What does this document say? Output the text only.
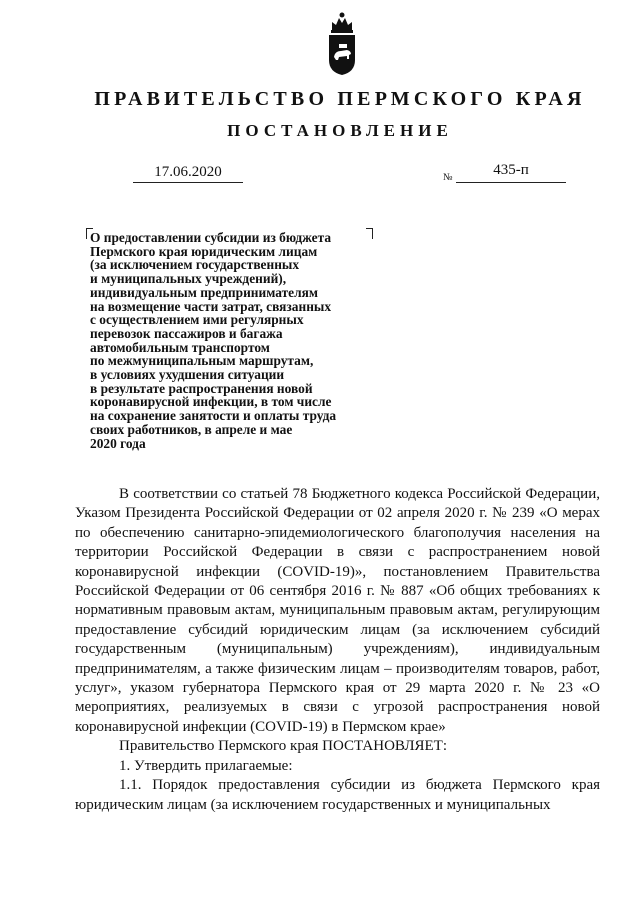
ПРАВИТЕЛЬСТВО ПЕРМСКОГО КРАЯ
ПОСТАНОВЛЕНИЕ
17.06.2020	№	435-п
О предоставлении субсидии из бюджета
Пермского края юридическим лицам
(за исключением государственных
и муниципальных учреждений),
индивидуальным предпринимателям
на возмещение части затрат, связанных
с осуществлением ими регулярных
перевозок пассажиров и багажа
автомобильным транспортом
по межмуниципальным маршрутам,
в условиях ухудшения ситуации
в результате распространения новой
коронавирусной инфекции, в том числе
на сохранение занятости и оплаты труда
своих работников, в апреле и мае
2020 года

В соответствии со статьей 78 Бюджетного кодекса Российской Федерации, Указом Президента Российской Федерации от 02 апреля 2020 г. № 239 «О мерах по обеспечению санитарно-эпидемиологического благополучия населения на территории Российской Федерации в связи с распространением новой коронавирусной инфекции (COVID-19)», постановлением Правительства Российской Федерации от 06 сентября 2016 г. № 887 «Об общих требованиях к нормативным правовым актам, муниципальным правовым актам, регулирующим предоставление субсидий юридическим лицам (за исключением субсидий государственным (муниципальным) учреждениям), индивидуальным предпринимателям, а также физическим лицам – производителям товаров, работ, услуг», указом губернатора Пермского края от 29 марта 2020 г. № 23 «О мероприятиях, реализуемых в связи с угрозой распространения новой коронавирусной инфекции (COVID-19) в Пермском крае»

Правительство Пермского края ПОСТАНОВЛЯЕТ:

1. Утвердить прилагаемые:

1.1. Порядок предоставления субсидии из бюджета Пермского края юридическим лицам (за исключением государственных и муниципальных
